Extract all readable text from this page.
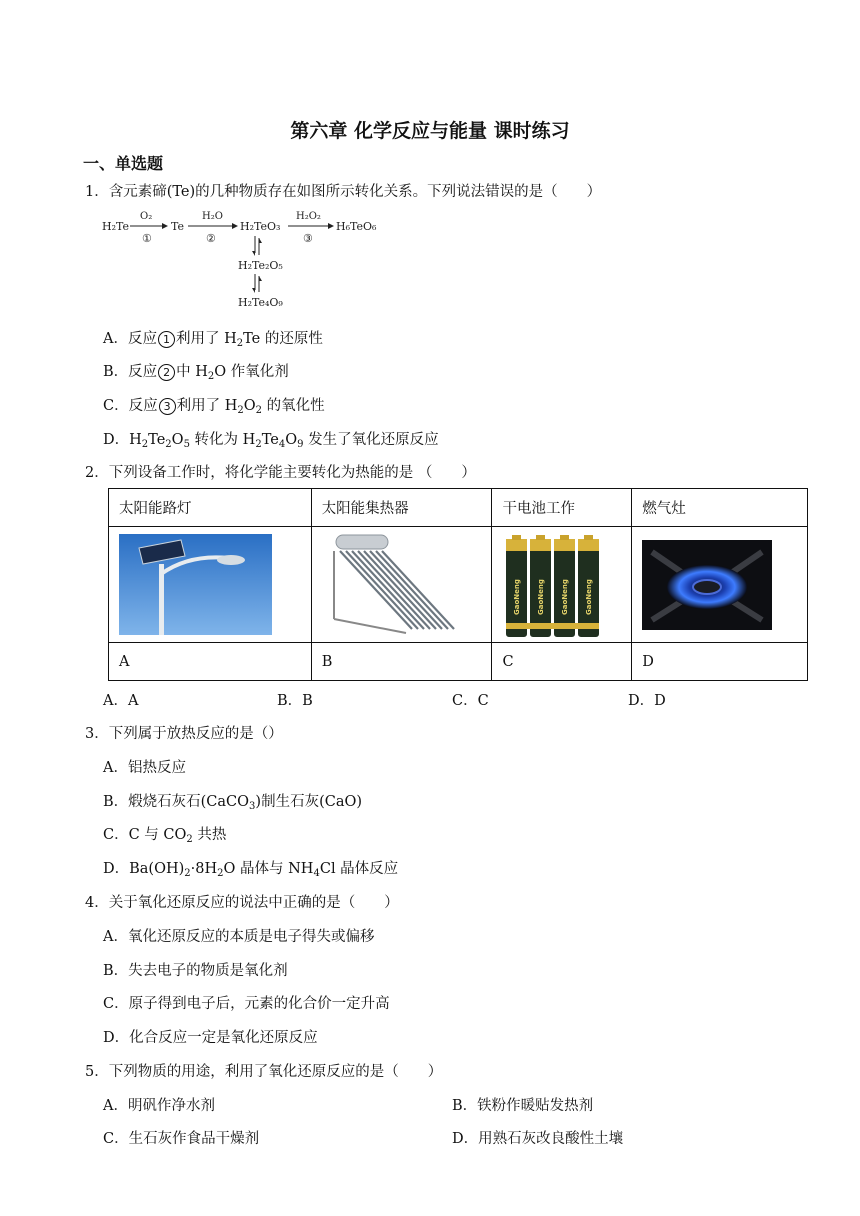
第六章 化学反应与能量 课时练习
一、单选题
1．含元素碲(Te)的几种物质存在如图所示转化关系。下列说法错误的是（　　）
H₂Te
O₂
①
Te
H₂O
②
H₂TeO₃
H₂O₂
③
H₆TeO₆
H₂Te₂O₅
H₂Te₄O₉
A．反应 1 利用了 $H_2Te$ 的还原性
B．反应 2 中 $H_2O$ 作氧化剂
C．反应 3 利用了 $H_2O_2$ 的氧化性
D．$H_2Te_2O_5$ 转化为 $H_2Te_4O_9$ 发生了氧化还原反应
2．下列设备工作时，将化学能主要转化为热能的是 （　　）
太阳能路灯	太阳能集热器	干电池工作	燃气灶

GaoNeng GaoNeng GaoNeng GaoNeng

A	B	C	D
A．A	B．B	C．C	D．D
3．下列属于放热反应的是（）
A．铝热反应
B．煅烧石灰石(CaCO$_3$)制生石灰(CaO)
C．C 与 $CO_2$ 共热
D．$Ba(OH)_2\cdot 8H_2O$ 晶体与 $NH_4Cl$ 晶体反应
4．关于氧化还原反应的说法中正确的是（　　）
A．氧化还原反应的本质是电子得失或偏移
B．失去电子的物质是氧化剂
C．原子得到电子后，元素的化合价一定升高
D．化合反应一定是氧化还原反应
5．下列物质的用途，利用了氧化还原反应的是（　　）
A．明矾作净水剂	B．铁粉作暖贴发热剂
C．生石灰作食品干燥剂	D．用熟石灰改良酸性土壤
